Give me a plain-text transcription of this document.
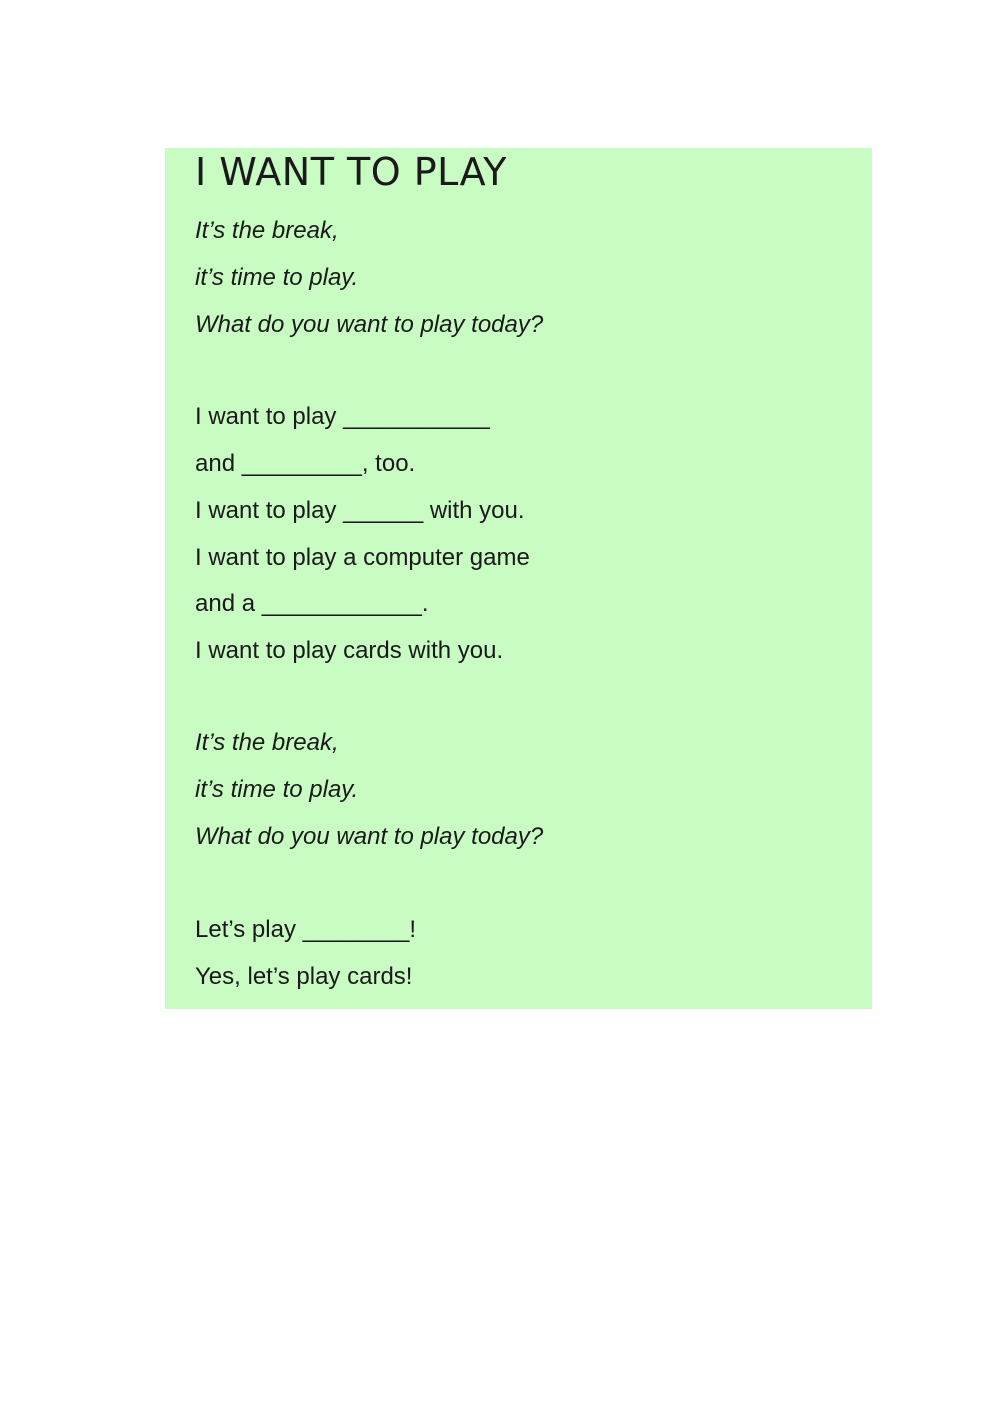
I WANT TO PLAY
It’s the break,
it’s time to play.
What do you want to play today?
I want to play ___________
and _________, too.
I want to play ______ with you.
I want to play a computer game
and a ____________.
I want to play cards with you.
It’s the break,
it’s time to play.
What do you want to play today?
Let’s play ________!
Yes, let’s play cards!
